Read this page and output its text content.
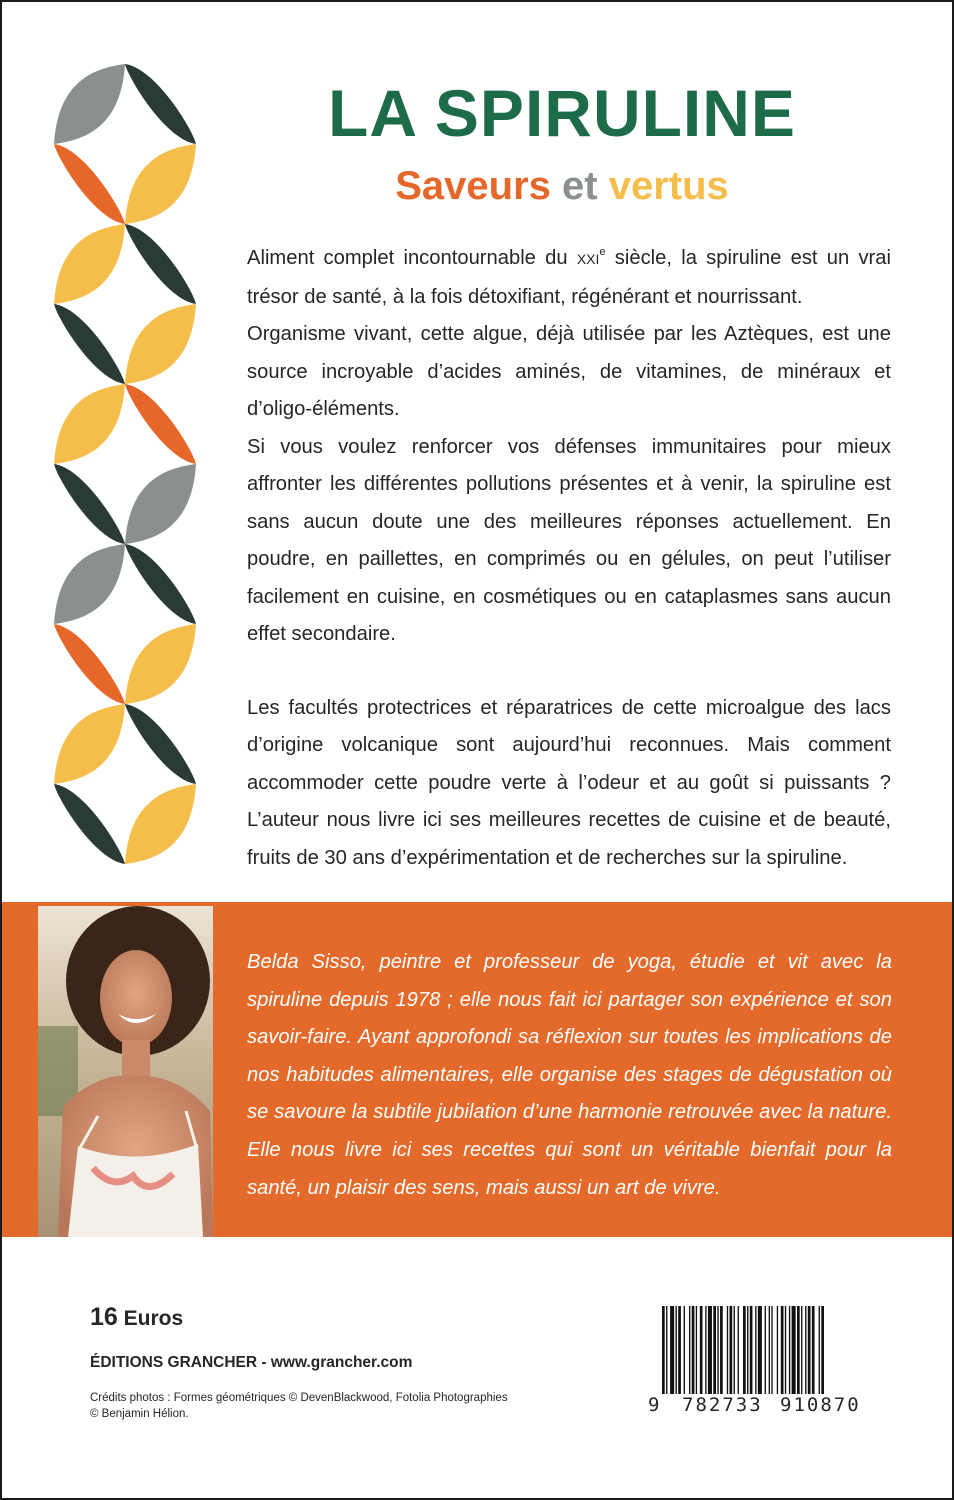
LA SPIRULINE
Saveurs et vertus

Aliment complet incontournable du XXIe siècle, la spiruline est un vrai trésor de santé, à la fois détoxifiant, régénérant et nourrissant.

Organisme vivant, cette algue, déjà utilisée par les Aztèques, est une source incroyable d’acides aminés, de vitamines, de minéraux et d’oligo-éléments.

Si vous voulez renforcer vos défenses immunitaires pour mieux affronter les différentes pollutions présentes et à venir, la spiruline est sans aucun doute une des meilleures réponses actuellement. En poudre, en paillettes, en comprimés ou en gélules, on peut l’utiliser facilement en cuisine, en cosmétiques ou en cataplasmes sans aucun effet secondaire.

Les facultés protectrices et réparatrices de cette microalgue des lacs d’origine volcanique sont aujourd’hui reconnues. Mais comment accommoder cette poudre verte à l’odeur et au goût si puissants ? L’auteur nous livre ici ses meilleures recettes de cuisine et de beauté, fruits de 30 ans d’expérimentation et de recherches sur la spiruline.

Belda Sisso, peintre et professeur de yoga, étudie et vit avec la spiruline depuis 1978 ; elle nous fait ici partager son expérience et son savoir-faire. Ayant approfondi sa réflexion sur toutes les implications de nos habitudes alimentaires, elle organise des stages de dégustation où se savoure la subtile jubilation d’une harmonie retrouvée avec la nature. Elle nous livre ici ses recettes qui sont un véritable bienfait pour la santé, un plaisir des sens, mais aussi un art de vivre.

16 Euros

ÉDITIONS GRANCHER - www.grancher.com

Crédits photos : Formes géométriques © DevenBlackwood, Fotolia Photographies © Benjamin Hélion.	9 782733 910870
